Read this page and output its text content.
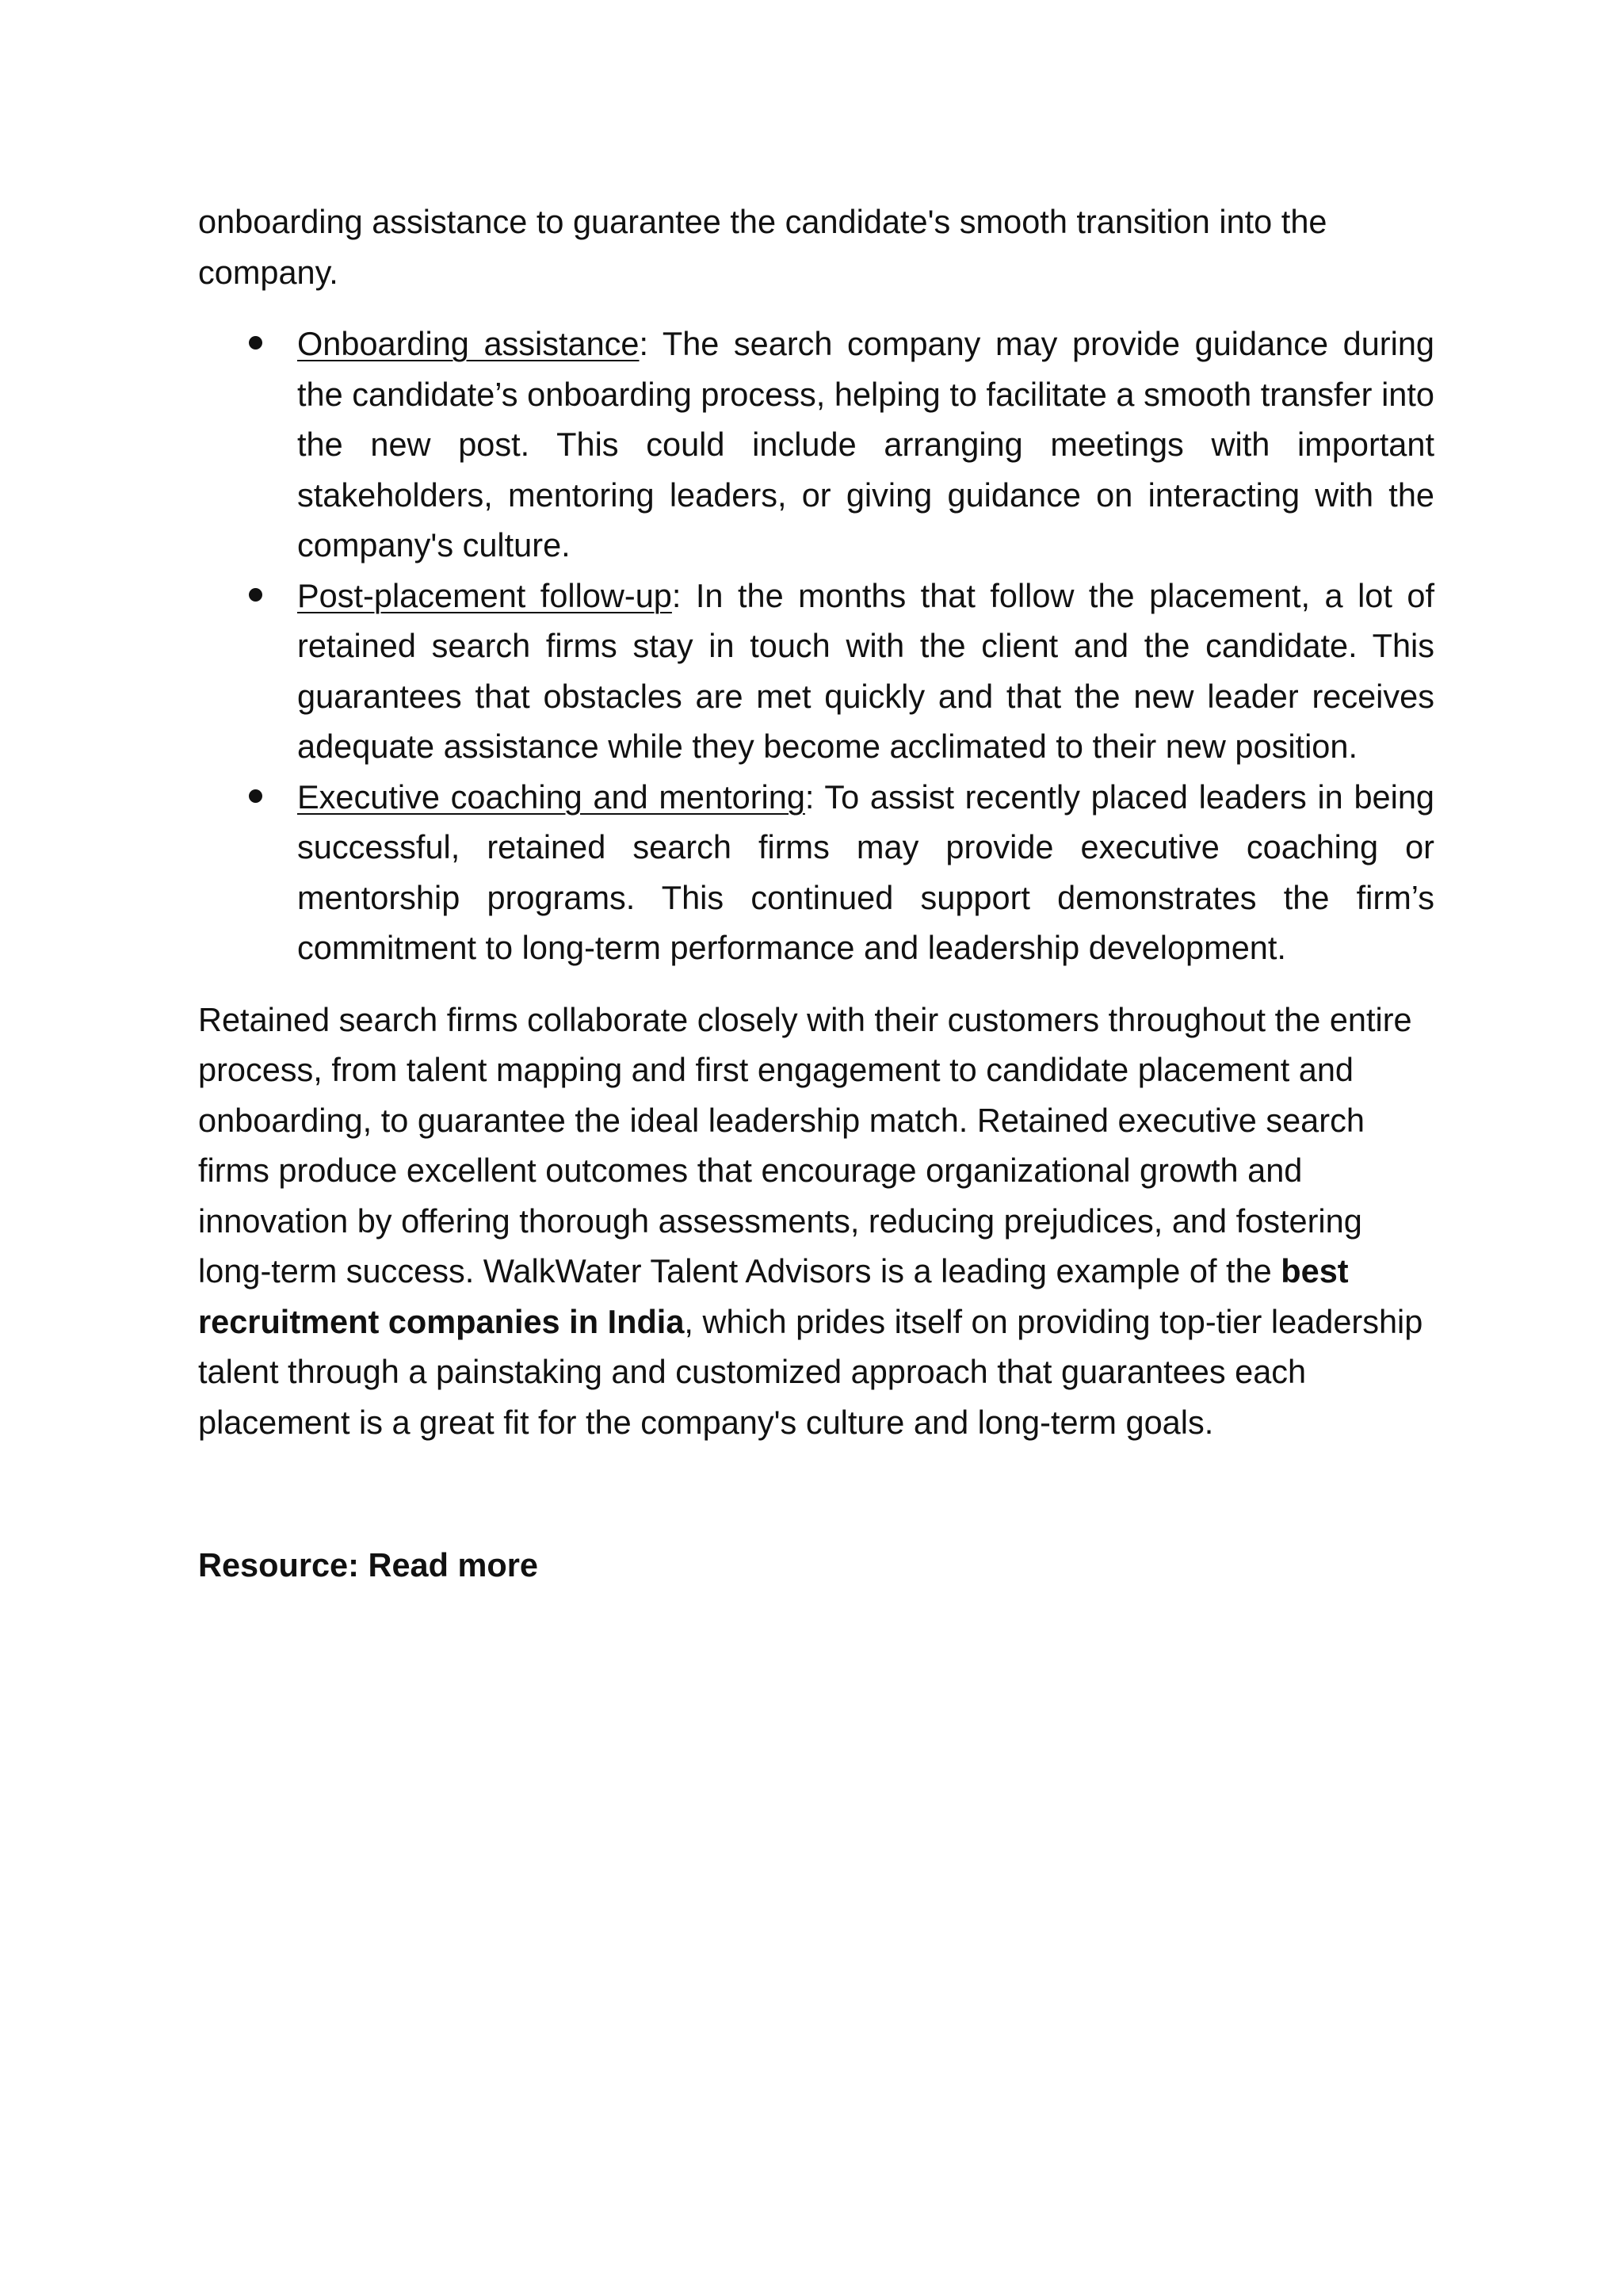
onboarding assistance to guarantee the candidate's smooth transition into the company.

Onboarding assistance: The search company may provide guidance during the candidate’s onboarding process, helping to facilitate a smooth transfer into the new post. This could include arranging meetings with important stakeholders, mentoring leaders, or giving guidance on interacting with the company's culture.
Post-placement follow-up: In the months that follow the placement, a lot of retained search firms stay in touch with the client and the candidate. This guarantees that obstacles are met quickly and that the new leader receives adequate assistance while they become acclimated to their new position.
Executive coaching and mentoring: To assist recently placed leaders in being successful, retained search firms may provide executive coaching or mentorship programs. This continued support demonstrates the firm’s commitment to long-term performance and leadership development.

Retained search firms collaborate closely with their customers throughout the entire process, from talent mapping and first engagement to candidate placement and onboarding, to guarantee the ideal leadership match. Retained executive search firms produce excellent outcomes that encourage organizational growth and innovation by offering thorough assessments, reducing prejudices, and fostering long-term success. WalkWater Talent Advisors is a leading example of the best recruitment companies in India, which prides itself on providing top-tier leadership talent through a painstaking and customized approach that guarantees each placement is a great fit for the company's culture and long-term goals.

Resource: Read more
